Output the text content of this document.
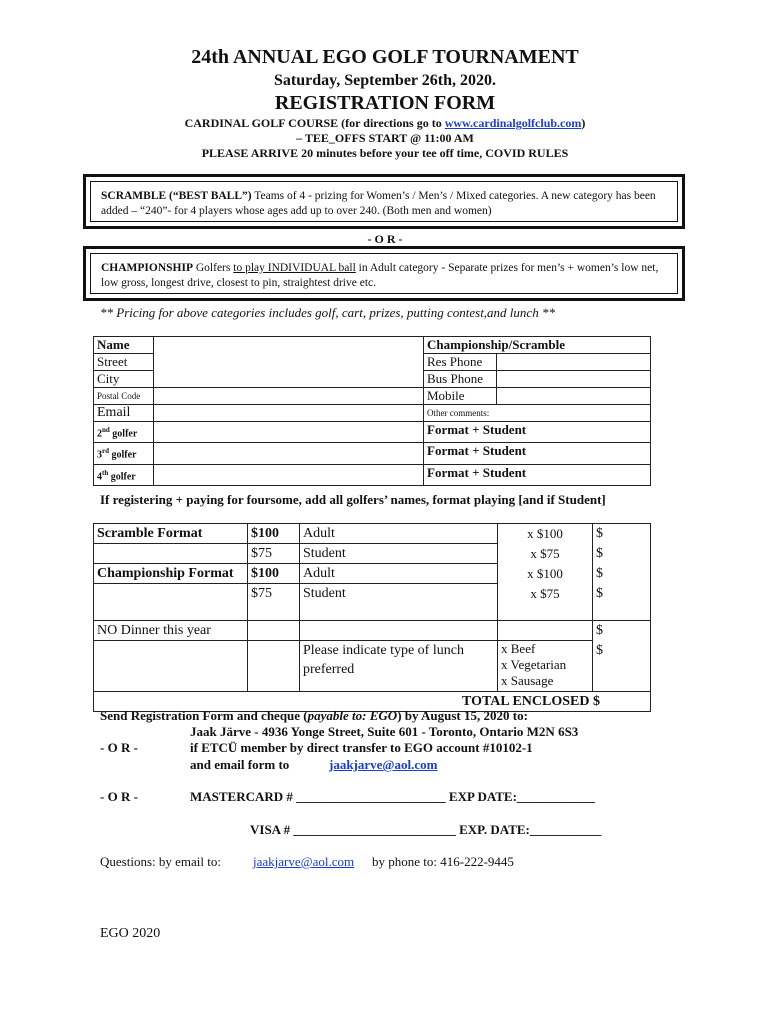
24th ANNUAL EGO GOLF TOURNAMENT
Saturday, September 26th, 2020.
REGISTRATION FORM
CARDINAL GOLF COURSE (for directions go to www.cardinalgolfclub.com)
– TEE_OFFS START @ 11:00 AM
PLEASE ARRIVE 20 minutes before your tee off time, COVID RULES
SCRAMBLE (“BEST BALL”) Teams of 4 - prizing for Women’s / Men’s / Mixed categories. A new category has been added – “240”- for 4 players whose ages add up to over 240. (Both men and women)
- O R -
CHAMPIONSHIP Golfers to play INDIVIDUAL ball in Adult category - Separate prizes for men’s + women’s low net, low gross, longest drive, closest to pin, straightest drive etc.
** Pricing for above categories includes golf, cart, prizes, putting contest,and lunch **
Name		Championship/Scramble	
Street		Res Phone	
City		Bus Phone	
Postal Code		Mobile	
Email		Other comments:	
2nd golfer		Format + Student	
3rd golfer		Format + Student	
4th golfer		Format + Student	
If registering + paying for foursome, add all golfers’ names, format playing [and if Student]
Scramble Format	$100	Adult	x $100	$
	$75	Student	x $75	$
Championship Format	$100	Adult	x $100	$
	$75	Student	x $75	$
NO Dinner this year				$
		Please indicate type of lunch preferred	x Beef
x Vegetarian
x Sausage	$
TOTAL ENCLOSED $				
Send Registration Form and cheque (payable to: EGO) by August 15, 2020 to:
Jaak Järve - 4936 Yonge Street, Suite 601 - Toronto, Ontario M2N 6S3
- O R -	if ETCÜ member by direct transfer to EGO account #10102-1
and email form to	jaakjarve@aol.com
- O R -	MASTERCARD # _______________________ EXP DATE:____________
VISA # _________________________ EXP. DATE:___________
Questions: by email to: jaakjarve@aol.com by phone to: 416-222-9445
EGO 2020
